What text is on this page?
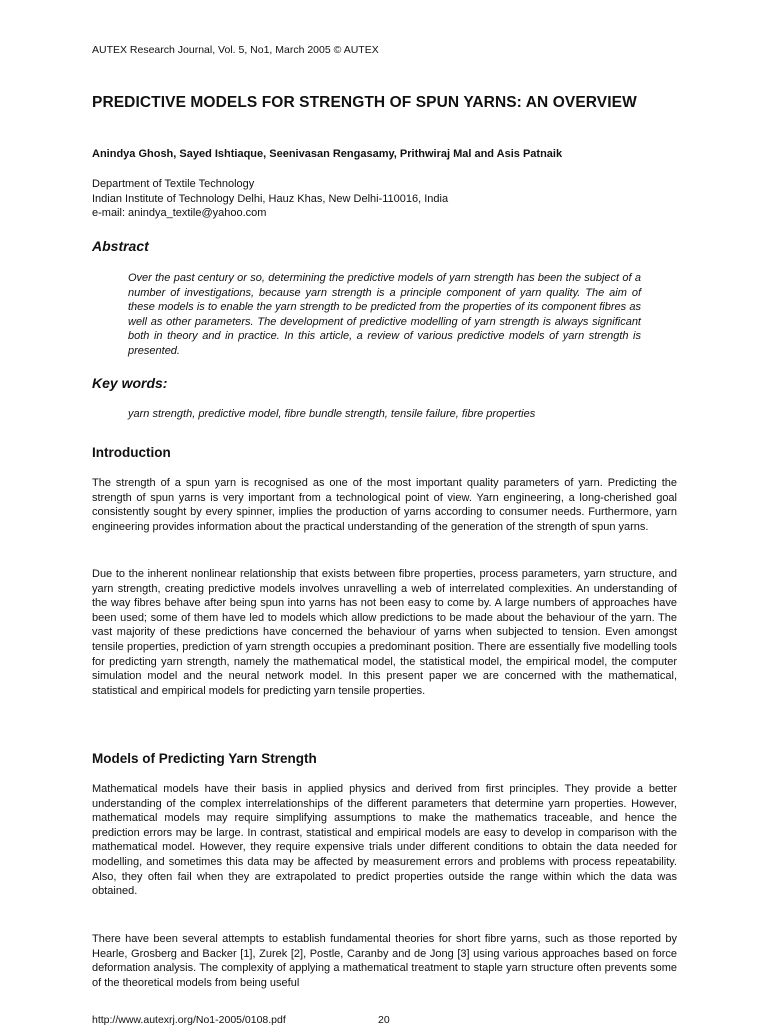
AUTEX Research Journal, Vol. 5, No1, March 2005 © AUTEX
PREDICTIVE MODELS FOR STRENGTH OF SPUN YARNS: AN OVERVIEW
Anindya Ghosh, Sayed Ishtiaque, Seenivasan Rengasamy, Prithwiraj Mal and Asis Patnaik
Department of Textile Technology
Indian Institute of Technology Delhi, Hauz Khas, New Delhi-110016, India
e-mail: anindya_textile@yahoo.com
Abstract
Over the past century or so, determining the predictive models of yarn strength has been the subject of a number of investigations, because yarn strength is a principle component of yarn quality. The aim of these models is to enable the yarn strength to be predicted from the properties of its component fibres as well as other parameters. The development of predictive modelling of yarn strength is always significant both in theory and in practice. In this article, a review of various predictive models of yarn strength is presented.
Key words:
yarn strength, predictive model, fibre bundle strength, tensile failure, fibre properties
Introduction
The strength of a spun yarn is recognised as one of the most important quality parameters of yarn. Predicting the strength of spun yarns is very important from a technological point of view. Yarn engineering, a long-cherished goal consistently sought by every spinner, implies the production of yarns according to consumer needs. Furthermore, yarn engineering provides information about the practical understanding of the generation of the strength of spun yarns.
Due to the inherent nonlinear relationship that exists between fibre properties, process parameters, yarn structure, and yarn strength, creating predictive models involves unravelling a web of interrelated complexities. An understanding of the way fibres behave after being spun into yarns has not been easy to come by. A large numbers of approaches have been used; some of them have led to models which allow predictions to be made about the behaviour of the yarn. The vast majority of these predictions have concerned the behaviour of yarns when subjected to tension. Even amongst tensile properties, prediction of yarn strength occupies a predominant position. There are essentially five modelling tools for predicting yarn strength, namely the mathematical model, the statistical model, the empirical model, the computer simulation model and the neural network model. In this present paper we are concerned with the mathematical, statistical and empirical models for predicting yarn tensile properties.
Models of Predicting Yarn Strength
Mathematical models have their basis in applied physics and derived from first principles. They provide a better understanding of the complex interrelationships of the different parameters that determine yarn properties. However, mathematical models may require simplifying assumptions to make the mathematics traceable, and hence the prediction errors may be large. In contrast, statistical and empirical models are easy to develop in comparison with the mathematical model. However, they require expensive trials under different conditions to obtain the data needed for modelling, and sometimes this data may be affected by measurement errors and problems with process repeatability. Also, they often fail when they are extrapolated to predict properties outside the range within which the data was obtained.
There have been several attempts to establish fundamental theories for short fibre yarns, such as those reported by Hearle, Grosberg and Backer [1], Zurek [2], Postle, Caranby and de Jong [3] using various approaches based on force deformation analysis. The complexity of applying a mathematical treatment to staple yarn structure often prevents some of the theoretical models from being useful
http://www.autexrj.org/No1-2005/0108.pdf	20
